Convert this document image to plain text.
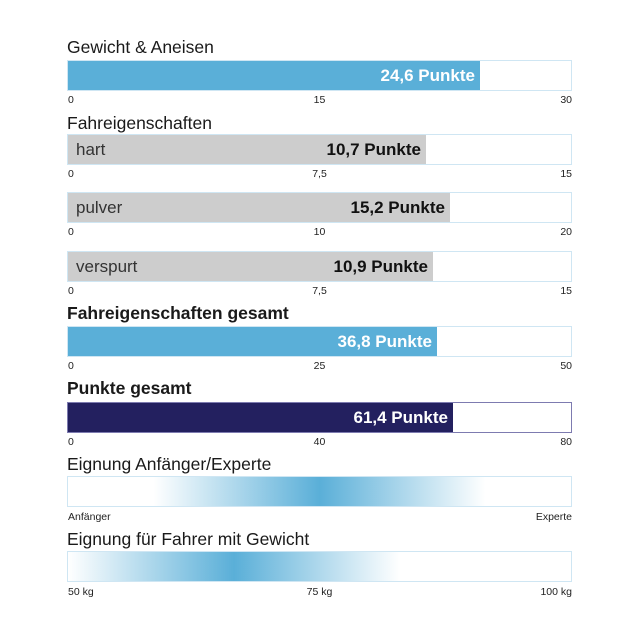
Gewicht & Aneisen
24,6 Punkte
0	15	30
Fahreigenschaften
hart	10,7 Punkte
0	7,5	15
pulver	15,2 Punkte
0	10	20
verspurt	10,9 Punkte
0	7,5	15
Fahreigenschaften gesamt
36,8 Punkte
0	25	50
Punkte gesamt
61,4 Punkte
0	40	80
Eignung Anfänger/Experte
Anfänger	Experte
Eignung für Fahrer mit Gewicht
50 kg	75 kg	100 kg
